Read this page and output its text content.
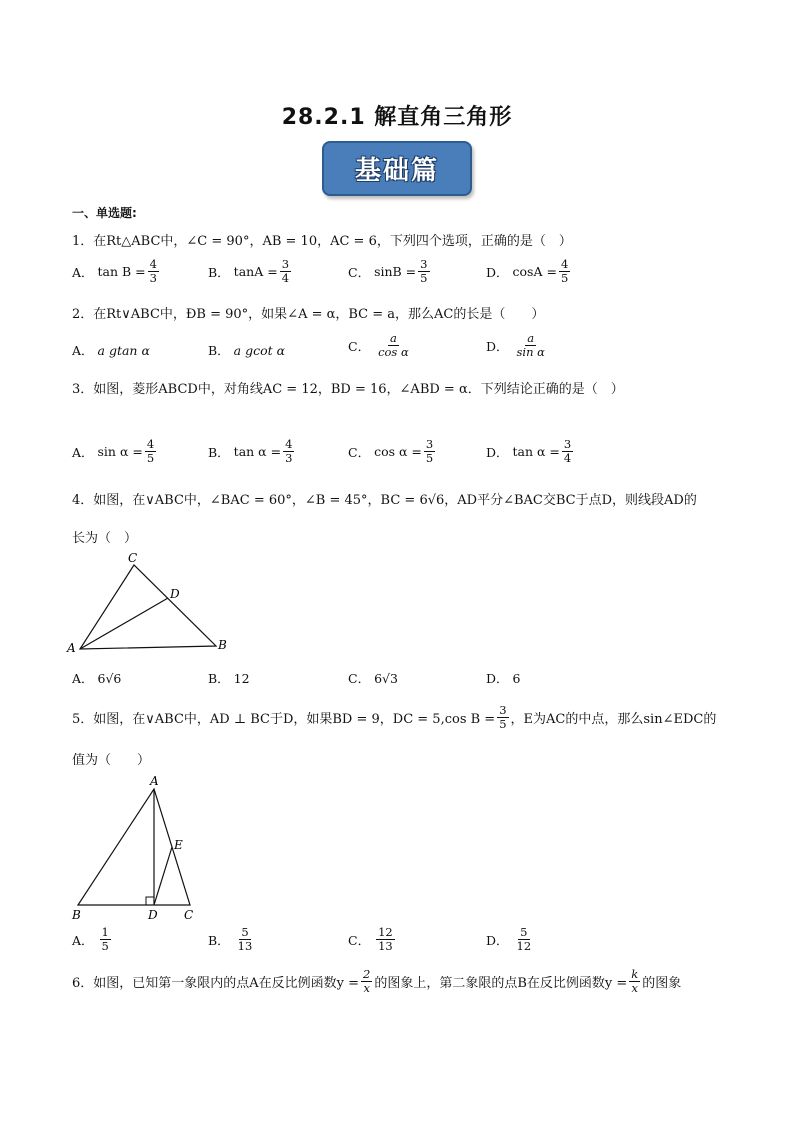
28.2.1 解直角三角形
基础篇
一、单选题:
1．在Rt△ABC中，∠C = 90°，AB = 10，AC = 6，下列四个选项，正确的是（　）
A．
$\tan B = \frac{4}{3}$	B．
$\tan A = \frac{3}{4}$	C．
$\sin B = \frac{3}{5}$	D．
$\cos A = \frac{4}{5}$
2．在Rt∨ABC中，ÐB = 90°，如果∠A = α，BC = a，那么AC的长是（　　）
A．
a gtan α	B．
a gcot α	C．
$\frac{a}{\text{cos α}}$	D．
$\frac{a}{\text{sin α}}$
3．如图，菱形ABCD中，对角线AC = 12，BD = 16，∠ABD = α．下列结论正确的是（　）
A．
$\sin \alpha = \frac{4}{5}$	B．
$\tan \alpha = \frac{4}{3}$	C．
$\cos \alpha = \frac{3}{5}$	D．
$\tan \alpha = \frac{3}{4}$
4．如图，在∨ABC中，∠BAC = 60°，∠B = 45°，BC = 6√6，AD平分∠BAC交BC于点D，则线段AD的
长为（　）
A
C
D
B
A．
6√6	B．
12	C．
6√3	D．
6
5．如图，在∨ABC中，AD ⊥ BC于D，如果BD = 9，DC = 5,cos $B = \frac{3}{5}$ ，E为AC的中点，那么sin∠EDC的
值为（　　）
A
E
B	D C
A．
$\frac{1}{5}$	B．
$\frac{5}{13}$	C．
$\frac{12}{13}$	D．
$\frac{5}{12}$
6．如图，已知第一象限内的点A在反比例函数$y = \frac{2}{x}$ 的图象上，第二象限的点B在反比例函数$y = \frac{k}{x}$ 的图象
